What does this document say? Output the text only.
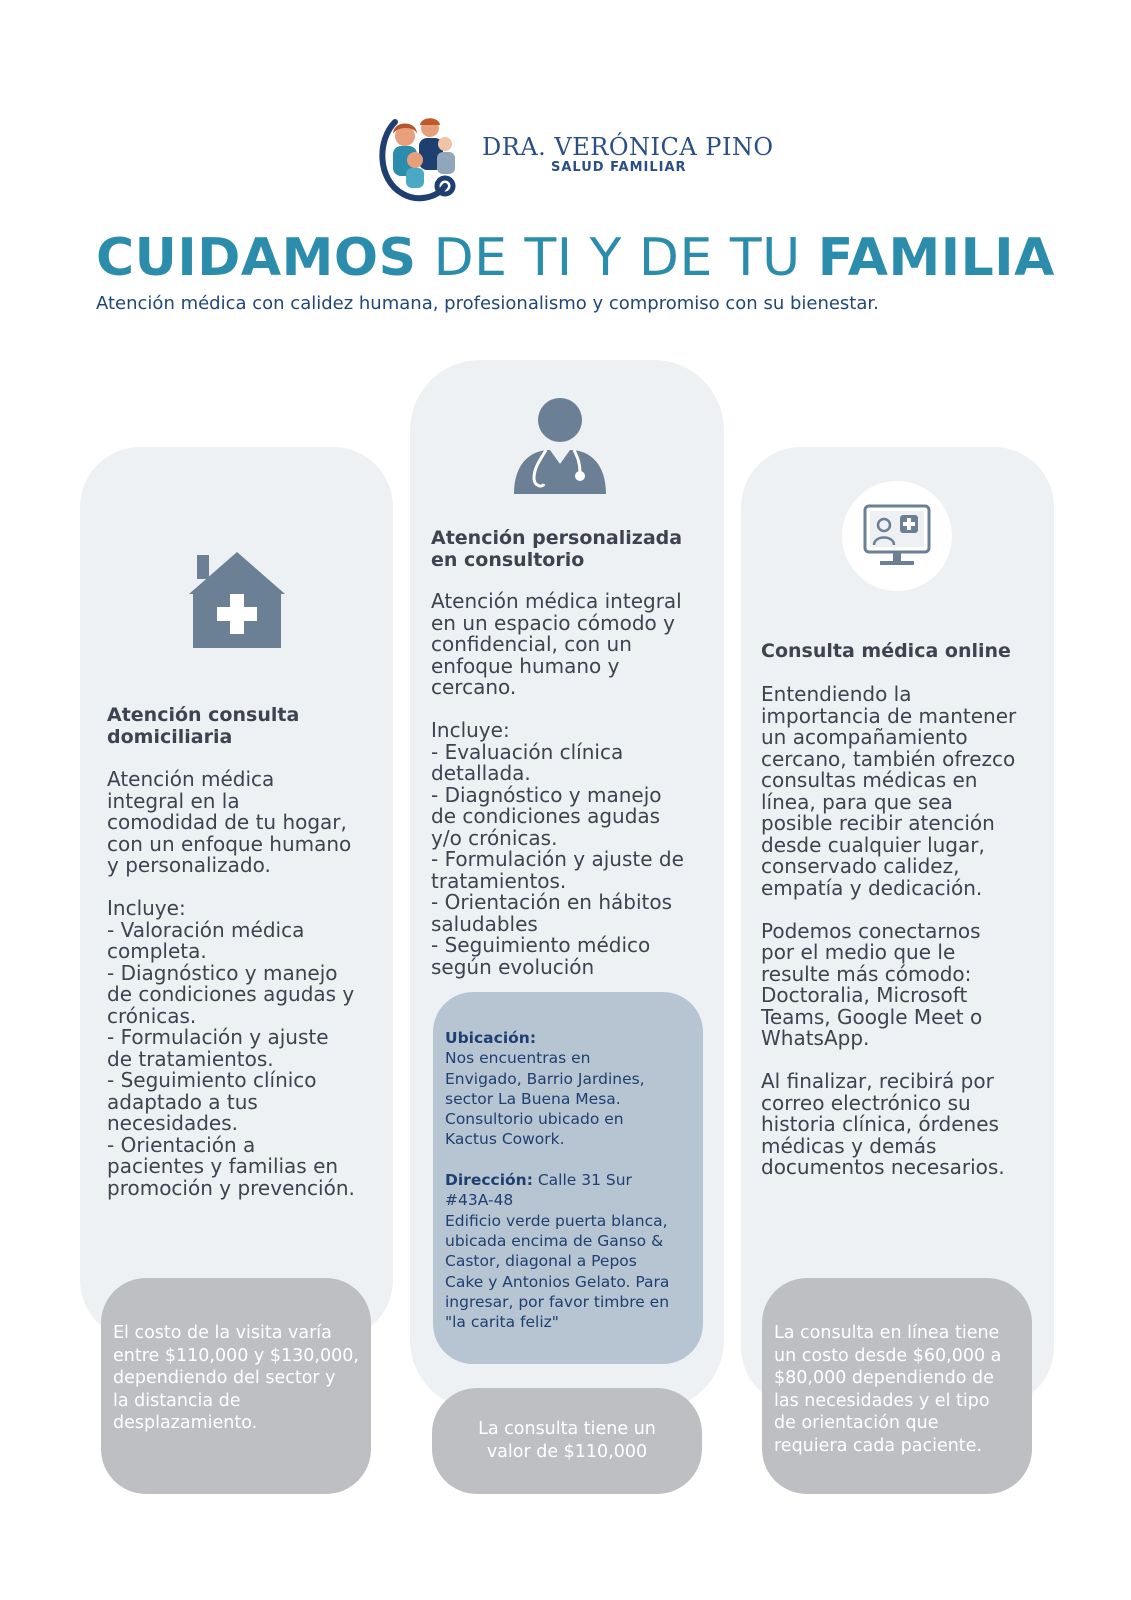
DRA. VERÓNICA PINO
SALUD FAMILIAR
CUIDAMOS DE TI Y DE TU FAMILIA
Atención médica con calidez humana, profesionalismo y compromiso con su bienestar.
Atención consulta
domiciliaria
Atención médica
integral en la
comodidad de tu hogar,
con un enfoque humano
y personalizado.

Incluye:
- Valoración médica
completa.
- Diagnóstico y manejo
de condiciones agudas y
crónicas.
- Formulación y ajuste
de tratamientos.
- Seguimiento clínico
adaptado a tus
necesidades.
- Orientación a
pacientes y familias en
promoción y prevención.
Atención personalizada
en consultorio
Atención médica integral
en un espacio cómodo y
confidencial, con un
enfoque humano y
cercano.

Incluye:
- Evaluación clínica
detallada.
- Diagnóstico y manejo
de condiciones agudas
y/o crónicas.
- Formulación y ajuste de
tratamientos.
- Orientación en hábitos
saludables
- Seguimiento médico
según evolución
Ubicación:
Nos encuentras en
Envigado, Barrio Jardines,
sector La Buena Mesa.
Consultorio ubicado en
Kactus Cowork.

Dirección: Calle 31 Sur
#43A-48
Edificio verde puerta blanca,
ubicada encima de Ganso &
Castor, diagonal a Pepos
Cake y Antonios Gelato. Para
ingresar, por favor timbre en
"la carita feliz"
Consulta médica online
Entendiendo la
importancia de mantener
un acompañamiento
cercano, también ofrezco
consultas médicas en
línea, para que sea
posible recibir atención
desde cualquier lugar,
conservado calidez,
empatía y dedicación.

Podemos conectarnos
por el medio que le
resulte más cómodo:
Doctoralia, Microsoft
Teams, Google Meet o
WhatsApp.

Al finalizar, recibirá por
correo electrónico su
historia clínica, órdenes
médicas y demás
documentos necesarios.

El costo de la visita varía
entre $110,000 y $130,000,
dependiendo del sector y
la distancia de
desplazamiento.	La consulta tiene un
valor de $110,000

La consulta en línea tiene
un costo desde $60,000 a
$80,000 dependiendo de
las necesidades y el tipo
de orientación que
requiera cada paciente.
